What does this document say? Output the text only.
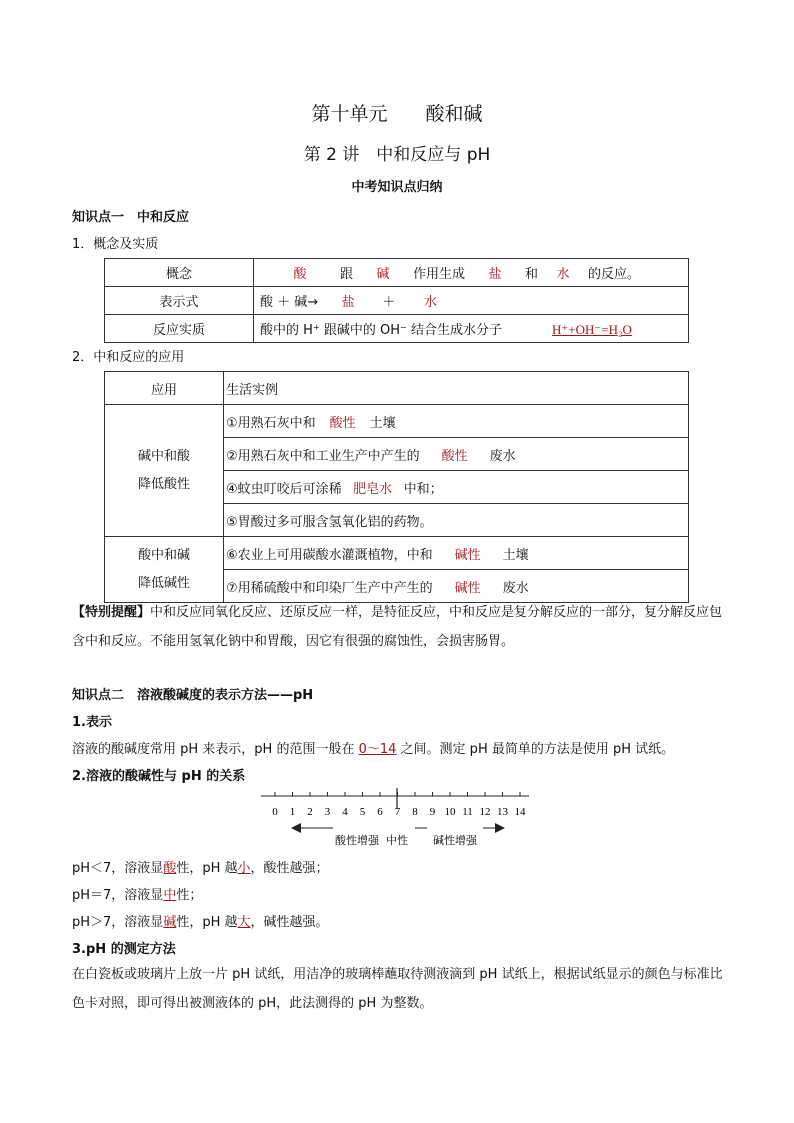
第十单元　　酸和碱
第 2 讲　中和反应与 pH
中考知识点归纳
知识点一　中和反应
1．概念及实质
概念	酸 跟 碱 作用生成 盐 和 水 的反应。
表示式	酸 ＋ 碱→ 盐 ＋ 水
反应实质	酸中的 H⁺ 跟碱中的 OH⁻ 结合生成水分子 H⁺+OH⁻=H₂O
2．中和反应的应用
应用	生活实例

碱中和酸
降低酸性	①用熟石灰中和 酸性 土壤
	②用熟石灰中和工业生产中产生的 酸性 废水
	④蚊虫叮咬后可涂稀 肥皂水 中和；
	⑤胃酸过多可服含氢氧化铝的药物。

酸中和碱
降低碱性	⑥农业上可用碳酸水灌溉植物，中和 碱性 土壤
	⑦用稀硫酸中和印染厂生产中产生的 碱性 废水
【特别提醒】中和反应同氧化反应、还原反应一样，是特征反应，中和反应是复分解反应的一部分，复分解反应包含中和反应。不能用氢氧化钠中和胃酸，因它有很强的腐蚀性，会损害肠胃。
知识点二　溶液酸碱度的表示方法——pH
1.表示
溶液的酸碱度常用 pH 来表示，pH 的范围一般在 0～14 之间。测定 pH 最简单的方法是使用 pH 试纸。
2.溶液的酸碱性与 pH 的关系
0 1 2 3 4 5 6 7 8 9 10 11 12 13 14
酸性增强 中性 碱性增强
pH＜7，溶液显酸性，pH 越小，酸性越强；
pH＝7，溶液显中性；
pH＞7，溶液显碱性，pH 越大，碱性越强。
3.pH 的测定方法
在白瓷板或玻璃片上放一片 pH 试纸，用洁净的玻璃棒蘸取待测液滴到 pH 试纸上，根据试纸显示的颜色与标准比色卡对照，即可得出被测液体的 pH，此法测得的 pH 为整数。
